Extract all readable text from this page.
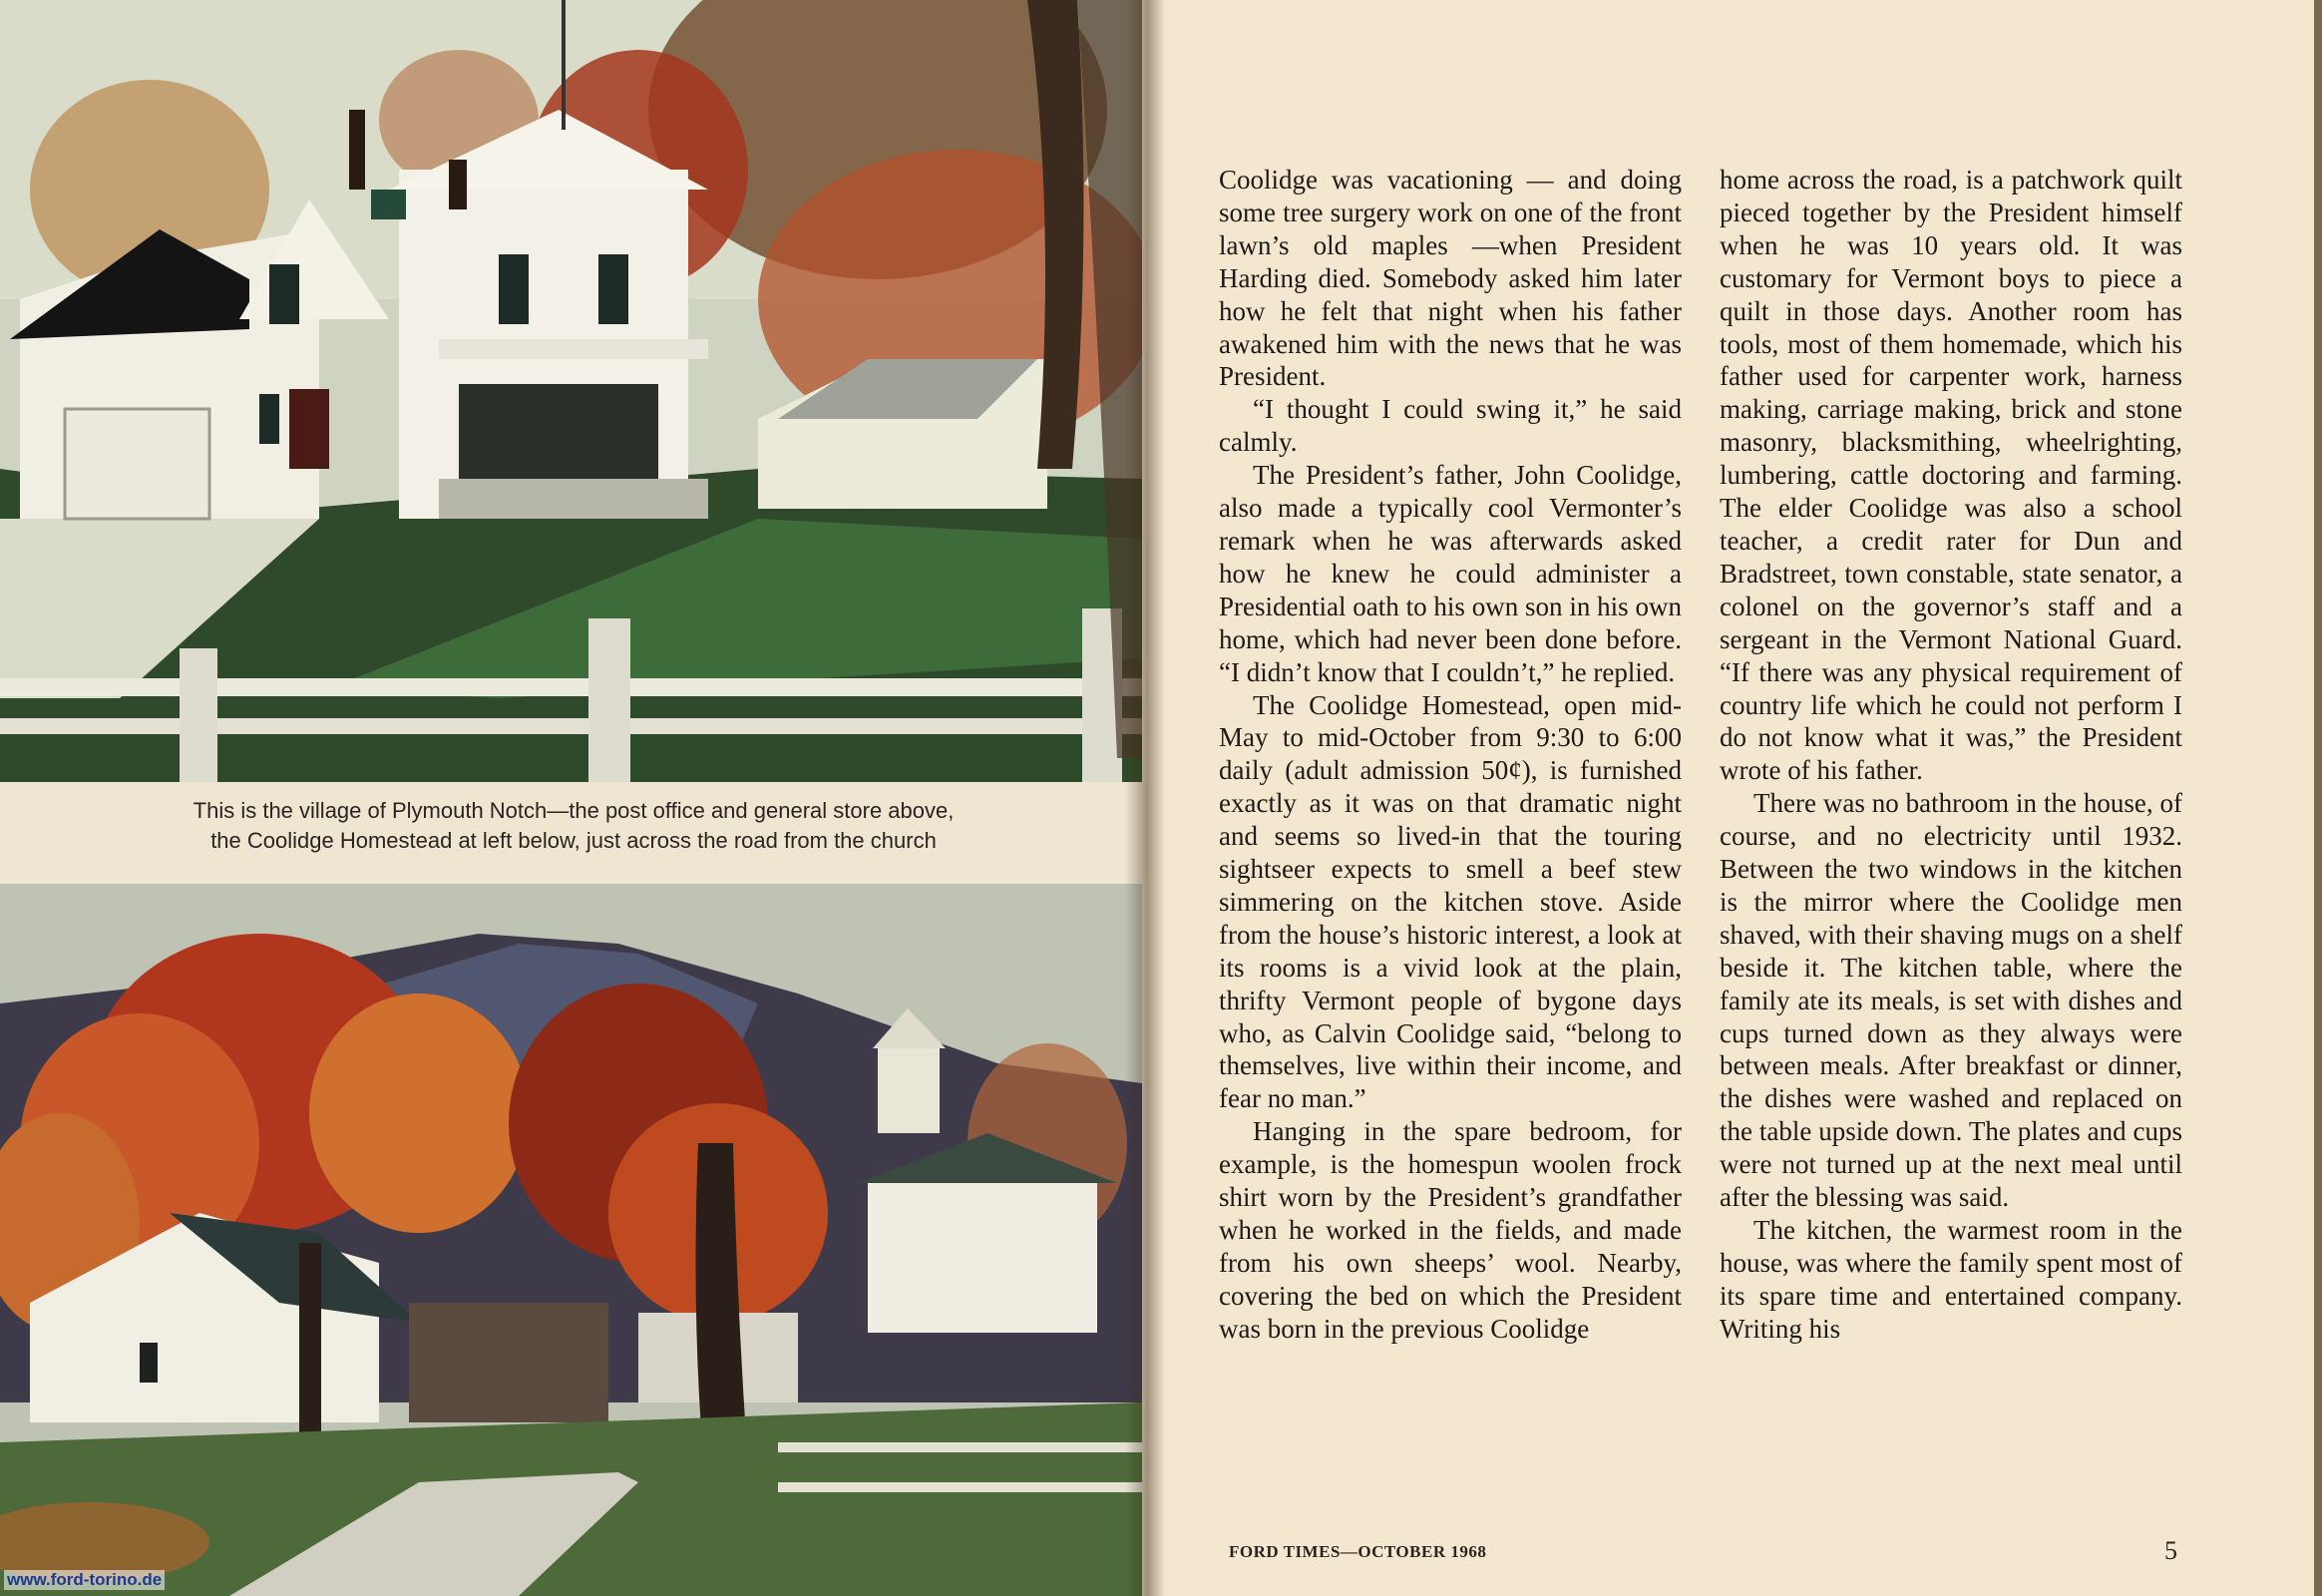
This is the village of Plymouth Notch—the post office and general store above,
the Coolidge Homestead at left below, just across the road from the church
www.ford-torino.de

Coolidge was vacationing — and doing some tree surgery work on one of the front lawn’s old maples —when President Harding died. Somebody asked him later how he felt that night when his father awakened him with the news that he was President.

“I thought I could swing it,” he said calmly.

The President’s father, John Coolidge, also made a typically cool Vermonter’s remark when he was afterwards asked how he knew he could administer a Presidential oath to his own son in his own home, which had never been done before. “I didn’t know that I couldn’t,” he replied.

The Coolidge Homestead, open mid-May to mid-October from 9:30 to 6:00 daily (adult admission 50¢), is furnished exactly as it was on that dramatic night and seems so lived-in that the touring sightseer expects to smell a beef stew simmering on the kitchen stove. Aside from the house’s historic interest, a look at its rooms is a vivid look at the plain, thrifty Vermont people of bygone days who, as Calvin Coolidge said, “belong to themselves, live within their income, and fear no man.”

Hanging in the spare bedroom, for example, is the homespun woolen frock shirt worn by the President’s grandfather when he worked in the fields, and made from his own sheeps’ wool. Nearby, covering the bed on which the President was born in the previous Coolidge

home across the road, is a patchwork quilt pieced together by the President himself when he was 10 years old. It was customary for Vermont boys to piece a quilt in those days. Another room has tools, most of them homemade, which his father used for carpenter work, harness making, carriage making, brick and stone masonry, blacksmithing, wheelrighting, lumbering, cattle doctoring and farming. The elder Coolidge was also a school teacher, a credit rater for Dun and Bradstreet, town constable, state senator, a colonel on the governor’s staff and a sergeant in the Vermont National Guard. “If there was any physical requirement of country life which he could not perform I do not know what it was,” the President wrote of his father.

There was no bathroom in the house, of course, and no electricity until 1932. Between the two windows in the kitchen is the mirror where the Coolidge men shaved, with their shaving mugs on a shelf beside it. The kitchen table, where the family ate its meals, is set with dishes and cups turned down as they always were between meals. After breakfast or dinner, the dishes were washed and replaced on the table upside down. The plates and cups were not turned up at the next meal until after the blessing was said.

The kitchen, the warmest room in the house, was where the family spent most of its spare time and entertained company. Writing his

FORD TIMES—OCTOBER 1968	5
